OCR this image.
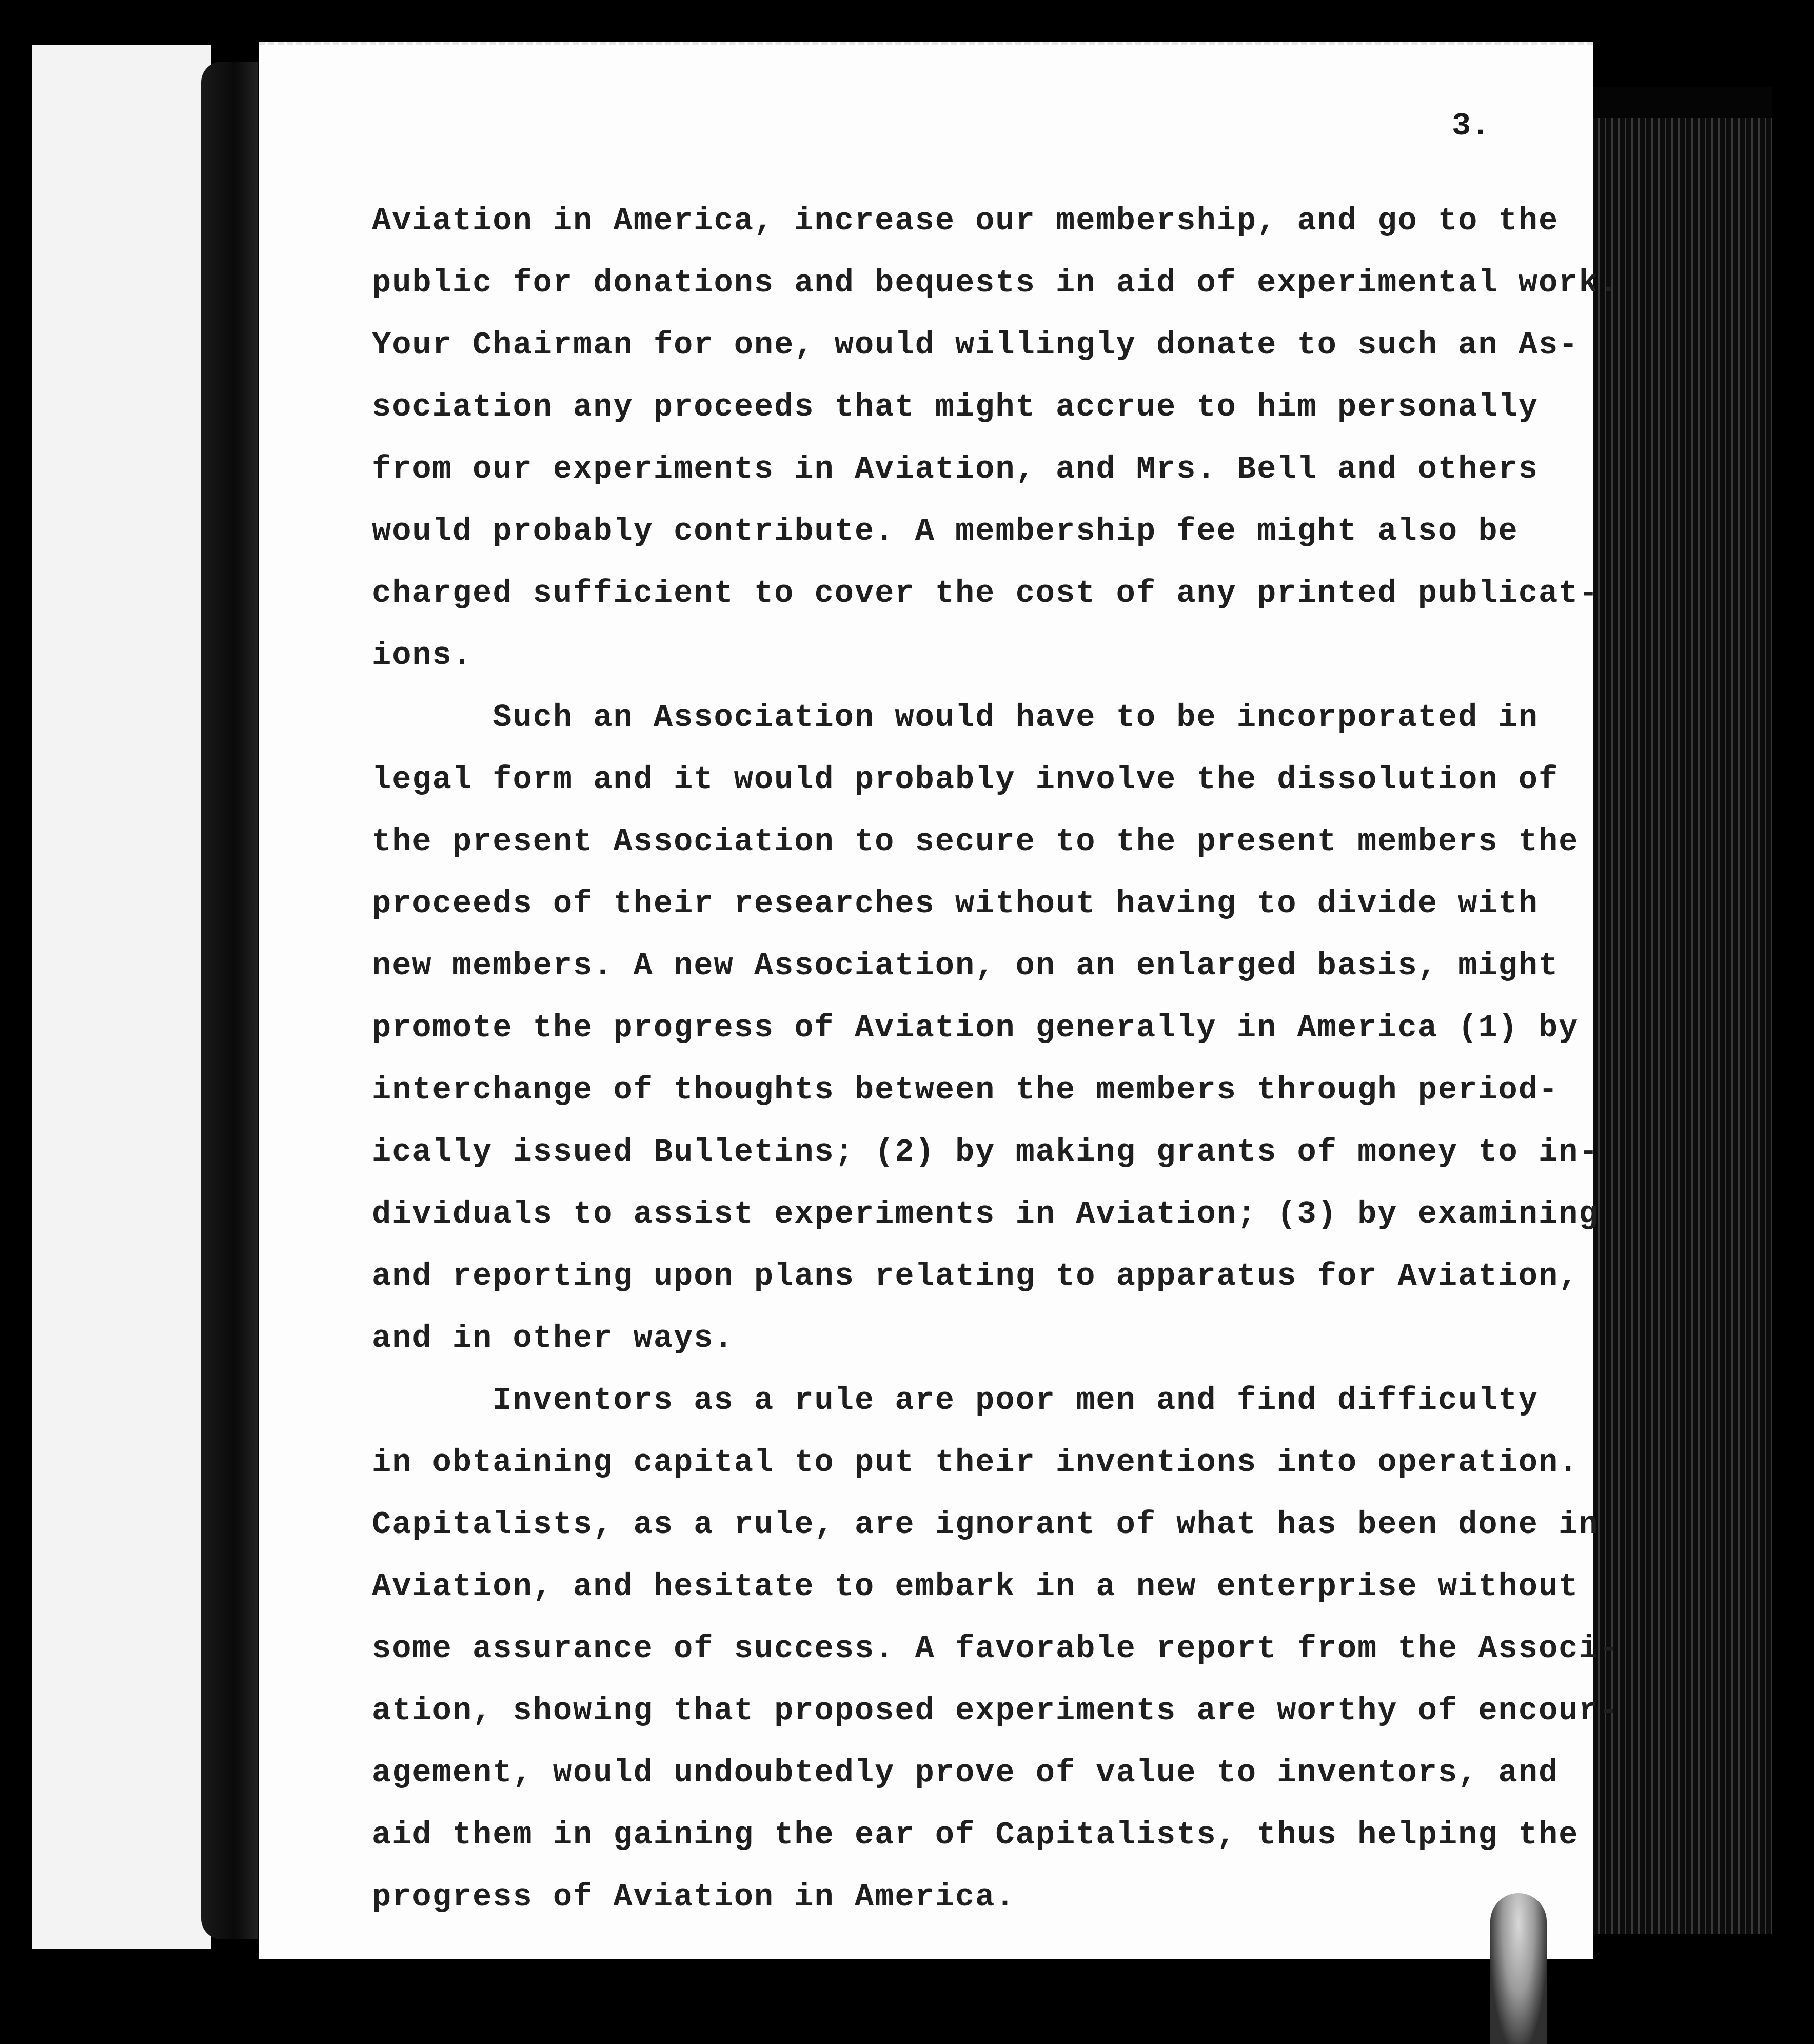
3.
Aviation in America, increase our membership, and go to the
public for donations and bequests in aid of experimental work.
Your Chairman for one, would willingly donate to such an As-
sociation any proceeds that might accrue to him personally
from our experiments in Aviation, and Mrs. Bell and others
would probably contribute. A membership fee might also be
charged sufficient to cover the cost of any printed publicat-
ions.
Such an Association would have to be incorporated in
legal form and it would probably involve the dissolution of
the present Association to secure to the present members the
proceeds of their researches without having to divide with
new members. A new Association, on an enlarged basis, might
promote the progress of Aviation generally in America (1) by
interchange of thoughts between the members through period-
ically issued Bulletins; (2) by making grants of money to in-
dividuals to assist experiments in Aviation; (3) by examining
and reporting upon plans relating to apparatus for Aviation,
and in other ways.
Inventors as a rule are poor men and find difficulty
in obtaining capital to put their inventions into operation.
Capitalists, as a rule, are ignorant of what has been done in
Aviation, and hesitate to embark in a new enterprise without
some assurance of success. A favorable report from the Associ-
ation, showing that proposed experiments are worthy of encour-
agement, would undoubtedly prove of value to inventors, and
aid them in gaining the ear of Capitalists, thus helping the
progress of Aviation in America.
